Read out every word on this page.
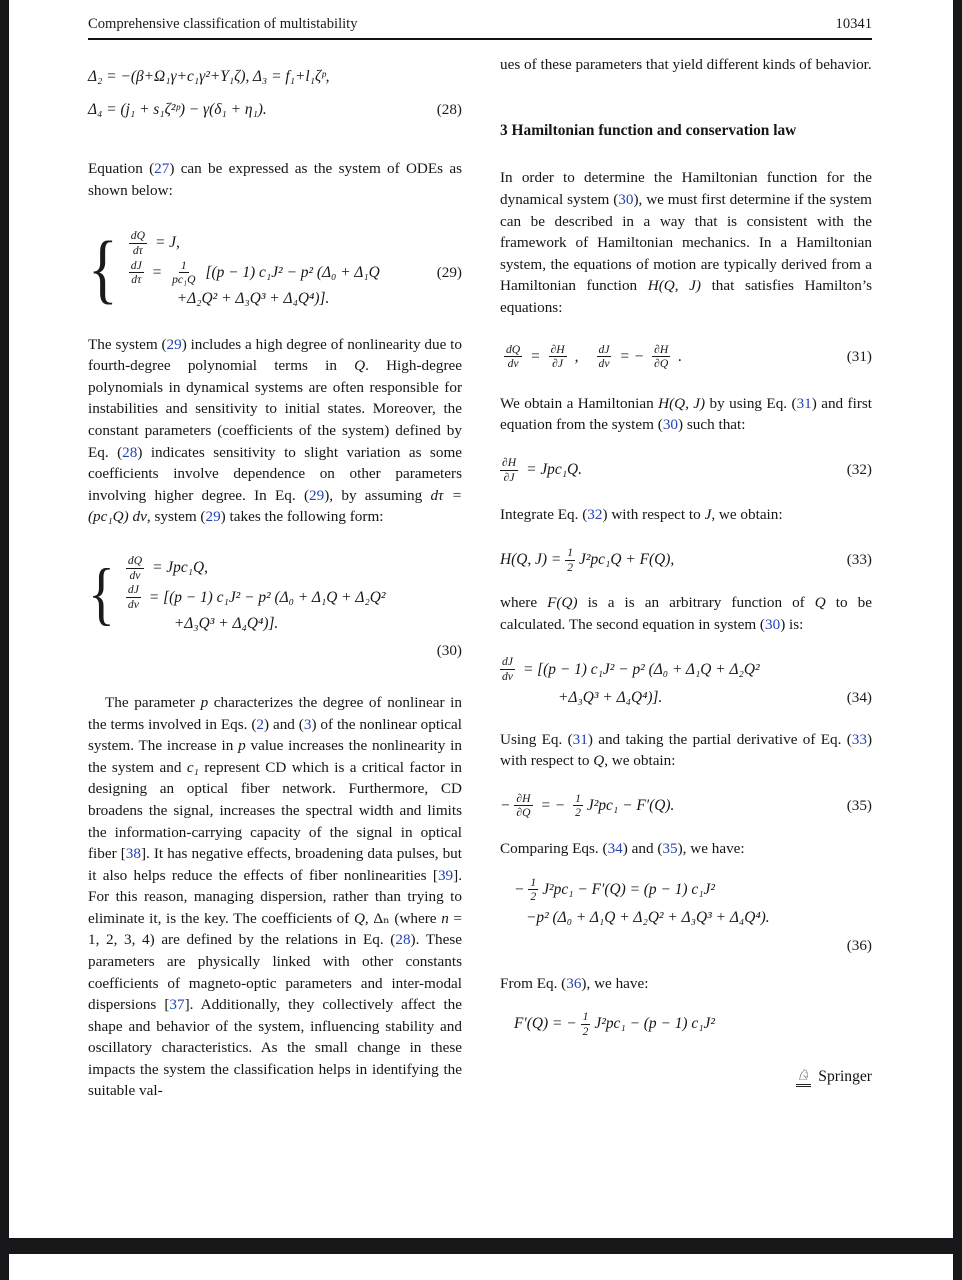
Comprehensive classification of multistability	10341
Δ₂ = −(β+Ω₁γ+c₁γ²+Y₁ζ), Δ₃ = f₁+l₁ζᵖ,
Δ₄ = (j₁ + s₁ζ²ᵖ) − γ(δ₁ + η₁).	(28)

Equation (27) can be expressed as the system of ODEs as shown below:

{ $\frac{dQ}{d\tau} = J$,
$\frac{dJ}{d\tau} = \frac{1}{\text{pc₁Q}} [(p - 1) c_1J^2 - p^2$ (Δ₀ + Δ₁Q	(29)
+Δ₂Q² + Δ₃Q³ + Δ₄Q⁴)].

The system (29) includes a high degree of nonlinearity due to fourth-degree polynomial terms in Q. High-degree polynomials in dynamical systems are often responsible for instabilities and sensitivity to initial states. Moreover, the constant parameters (coefficients of the system) defined by Eq. (28) indicates sensitivity to slight variation as some coefficients involve dependence on other parameters involving higher degree. In Eq. (29), by assuming dτ = (pc₁Q) dv, system (29) takes the following form:

{ $\frac{dQ}{dv} = Jpc_1Q$,
$\frac{dJ}{dv} = [(p - 1) c_1J^2 - p^2$ (Δ₀ + Δ₁Q + Δ₂Q²
+Δ₃Q³ + Δ₄Q⁴)].
(30)

The parameter p characterizes the degree of nonlinear in the terms involved in Eqs. (2) and (3) of the nonlinear optical system. The increase in p value increases the nonlinearity in the system and c₁ represent CD which is a critical factor in designing an optical fiber network. Furthermore, CD broadens the signal, increases the spectral width and limits the information-carrying capacity of the signal in optical fiber [38]. It has negative effects, broadening data pulses, but it also helps reduce the effects of fiber nonlinearities [39]. For this reason, managing dispersion, rather than trying to eliminate it, is the key. The coefficients of Q, Δₙ (where n = 1, 2, 3, 4) are defined by the relations in Eq. (28). These parameters are physically linked with other constants coefficients of magneto-optic parameters and inter-modal dispersions [37]. Additionally, they collectively affect the shape and behavior of the system, influencing stability and oscillatory characteristics. As the small change in these impacts the system the classification helps in identifying the suitable val-

ues of these parameters that yield different kinds of behavior.

3 Hamiltonian function and conservation law

In order to determine the Hamiltonian function for the dynamical system (30), we must first determine if the system can be described in a way that is consistent with the framework of Hamiltonian mechanics. In a Hamiltonian system, the equations of motion are typically derived from a Hamiltonian function H(Q, J) that satisfies Hamilton’s equations:

$\frac{dQ}{dv} = \frac{\partial H}{\partial J}$ , $\frac{dJ}{dv}$ = − $\frac{\partial H}{\partial Q}$ .	(31)

We obtain a Hamiltonian H(Q, J) by using Eq. (31) and first equation from the system (30) such that:

$\frac{\partial H}{\partial J} = Jpc_1Q$.	(32)

Integrate Eq. (32) with respect to J, we obtain:

H(Q, $J) = \frac{1}{2} J^2pc_1Q + F(Q)$,	(33)

where F(Q) is a is an arbitrary function of Q to be calculated. The second equation in system (30) is:

$\frac{dJ}{dv} = [(p - 1) c_1J^2 - p^2$ (Δ₀ + Δ₁Q + Δ₂Q²
+Δ₃Q³ + Δ₄Q⁴)].	(34)

Using Eq. (31) and taking the partial derivative of Eq. (33) with respect to Q, we obtain:

− $\frac{\partial H}{\partial Q}$ = − $\frac{1}{2} J^2pc_1 - F'(Q)$.	(35)

Comparing Eqs. (34) and (35), we have:

− $\frac{1}{2} J^2pc_1 - F'(Q) = (p - 1)$ c₁J²
−p² (Δ₀ + Δ₁Q + Δ₂Q² + Δ₃Q³ + Δ₄Q⁴).
(36)

From Eq. (36), we have:

F′(Q) = − $\frac{1}{2} J^2pc_1 - (p - 1)$ c₁J²
♘ Springer
